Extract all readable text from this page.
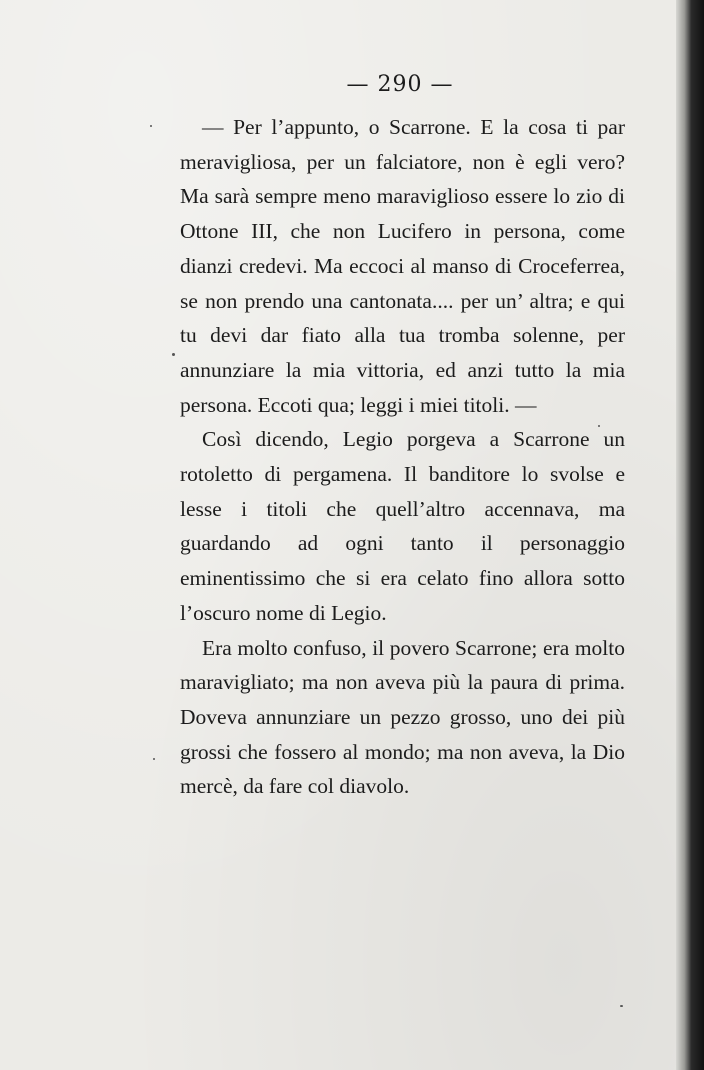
— 290 —

— Per l’appunto, o Scarrone. E la cosa ti par meravigliosa, per un falciatore, non è egli vero? Ma sarà sempre meno maraviglioso essere lo zio di Ottone III, che non Lucifero in persona, come dianzi credevi. Ma eccoci al manso di Croceferrea, se non prendo una cantonata.... per un’ altra; e qui tu devi dar fiato alla tua tromba solenne, per annunziare la mia vittoria, ed anzi tutto la mia persona. Eccoti qua; leggi i miei titoli. —

Così dicendo, Legio porgeva a Scarrone un rotoletto di pergamena. Il banditore lo svolse e lesse i titoli che quell’altro accennava, ma guardando ad ogni tanto il personaggio eminentissimo che si era celato fino allora sotto l’oscuro nome di Legio.

Era molto confuso, il povero Scarrone; era molto maravigliato; ma non aveva più la paura di prima. Doveva annunziare un pezzo grosso, uno dei più grossi che fossero al mondo; ma non aveva, la Dio mercè, da fare col diavolo.
